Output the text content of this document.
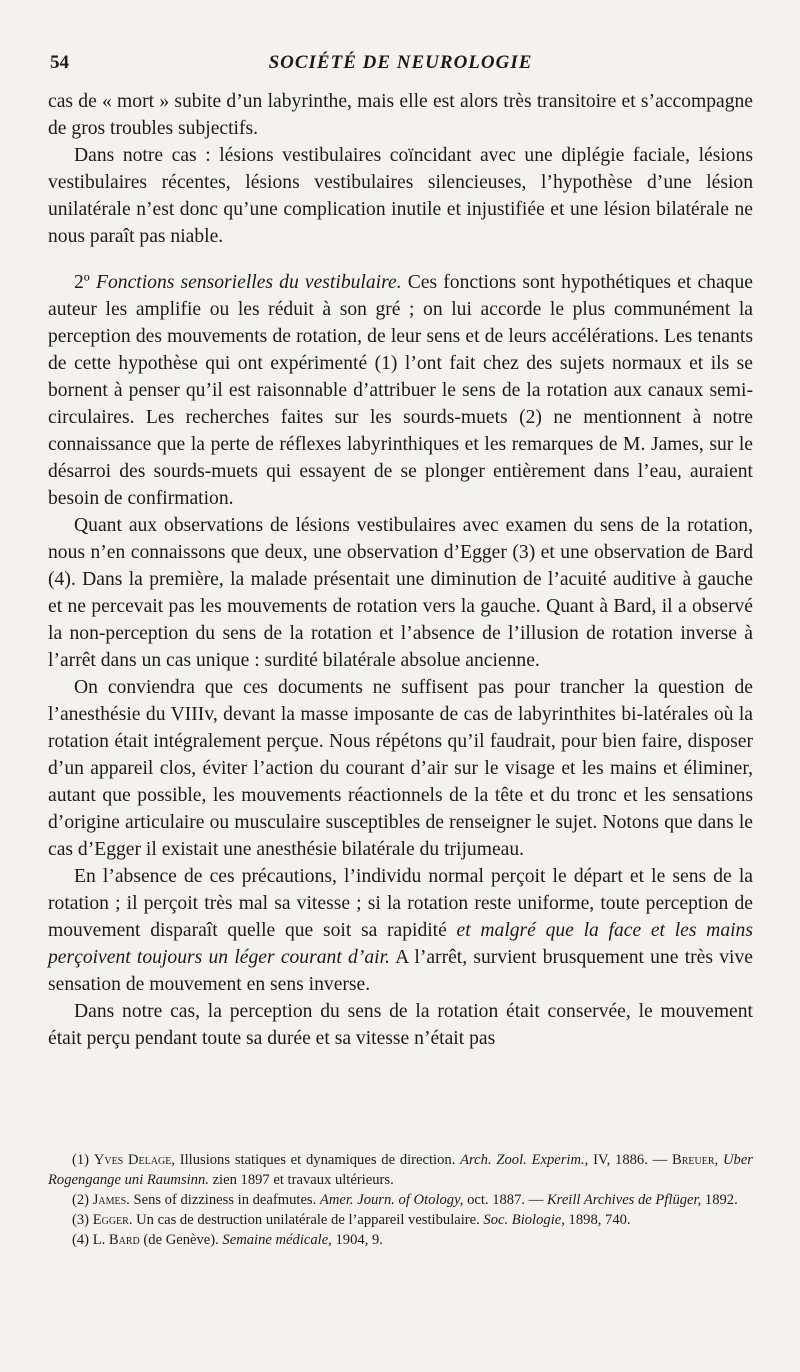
54	SOCIÉTÉ DE NEUROLOGIE

cas de « mort » subite d’un labyrinthe, mais elle est alors très transitoire et s’accompagne de gros troubles subjectifs.

Dans notre cas : lésions vestibulaires coïncidant avec une diplégie faciale, lésions vestibulaires récentes, lésions vestibulaires silencieuses, l’hypothèse d’une lésion unilatérale n’est donc qu’une complication inutile et injustifiée et une lésion bilatérale ne nous paraît pas niable.

2º Fonctions sensorielles du vestibulaire. Ces fonctions sont hypothétiques et chaque auteur les amplifie ou les réduit à son gré ; on lui accorde le plus communément la perception des mouvements de rotation, de leur sens et de leurs accélérations. Les tenants de cette hypothèse qui ont expérimenté (1) l’ont fait chez des sujets normaux et ils se bornent à penser qu’il est raisonnable d’attribuer le sens de la rotation aux canaux semi-circulaires. Les recherches faites sur les sourds-muets (2) ne mentionnent à notre connaissance que la perte de réflexes labyrinthiques et les remarques de M. James, sur le désarroi des sourds-muets qui essayent de se plonger entièrement dans l’eau, auraient besoin de confirmation.

Quant aux observations de lésions vestibulaires avec examen du sens de la rotation, nous n’en connaissons que deux, une observation d’Egger (3) et une observation de Bard (4). Dans la première, la malade présentait une diminution de l’acuité auditive à gauche et ne percevait pas les mouvements de rotation vers la gauche. Quant à Bard, il a observé la non-perception du sens de la rotation et l’absence de l’illusion de rotation inverse à l’arrêt dans un cas unique : surdité bilatérale absolue ancienne.

On conviendra que ces documents ne suffisent pas pour trancher la question de l’anesthésie du VIIIv, devant la masse imposante de cas de labyrinthites bi-latérales où la rotation était intégralement perçue. Nous répétons qu’il faudrait, pour bien faire, disposer d’un appareil clos, éviter l’action du courant d’air sur le visage et les mains et éliminer, autant que possible, les mouvements réactionnels de la tête et du tronc et les sensations d’origine articulaire ou musculaire susceptibles de renseigner le sujet. Notons que dans le cas d’Egger il existait une anesthésie bilatérale du trijumeau.

En l’absence de ces précautions, l’individu normal perçoit le départ et le sens de la rotation ; il perçoit très mal sa vitesse ; si la rotation reste uniforme, toute perception de mouvement disparaît quelle que soit sa rapidité et malgré que la face et les mains perçoivent toujours un léger courant d’air. A l’arrêt, survient brusquement une très vive sensation de mouvement en sens inverse.

Dans notre cas, la perception du sens de la rotation était conservée, le mouvement était perçu pendant toute sa durée et sa vitesse n’était pas

(1) Yves Delage, Illusions statiques et dynamiques de direction. Arch. Zool. Experim., IV, 1886. — Breuer, Uber Rogengange uni Raumsinn. zien 1897 et travaux ultérieurs.

(2) James. Sens of dizziness in deafmutes. Amer. Journ. of Otology, oct. 1887. — Kreill Archives de Pflüger, 1892.

(3) Egger. Un cas de destruction unilatérale de l’appareil vestibulaire. Soc. Biologie, 1898, 740.

(4) L. Bard (de Genève). Semaine médicale, 1904, 9.
